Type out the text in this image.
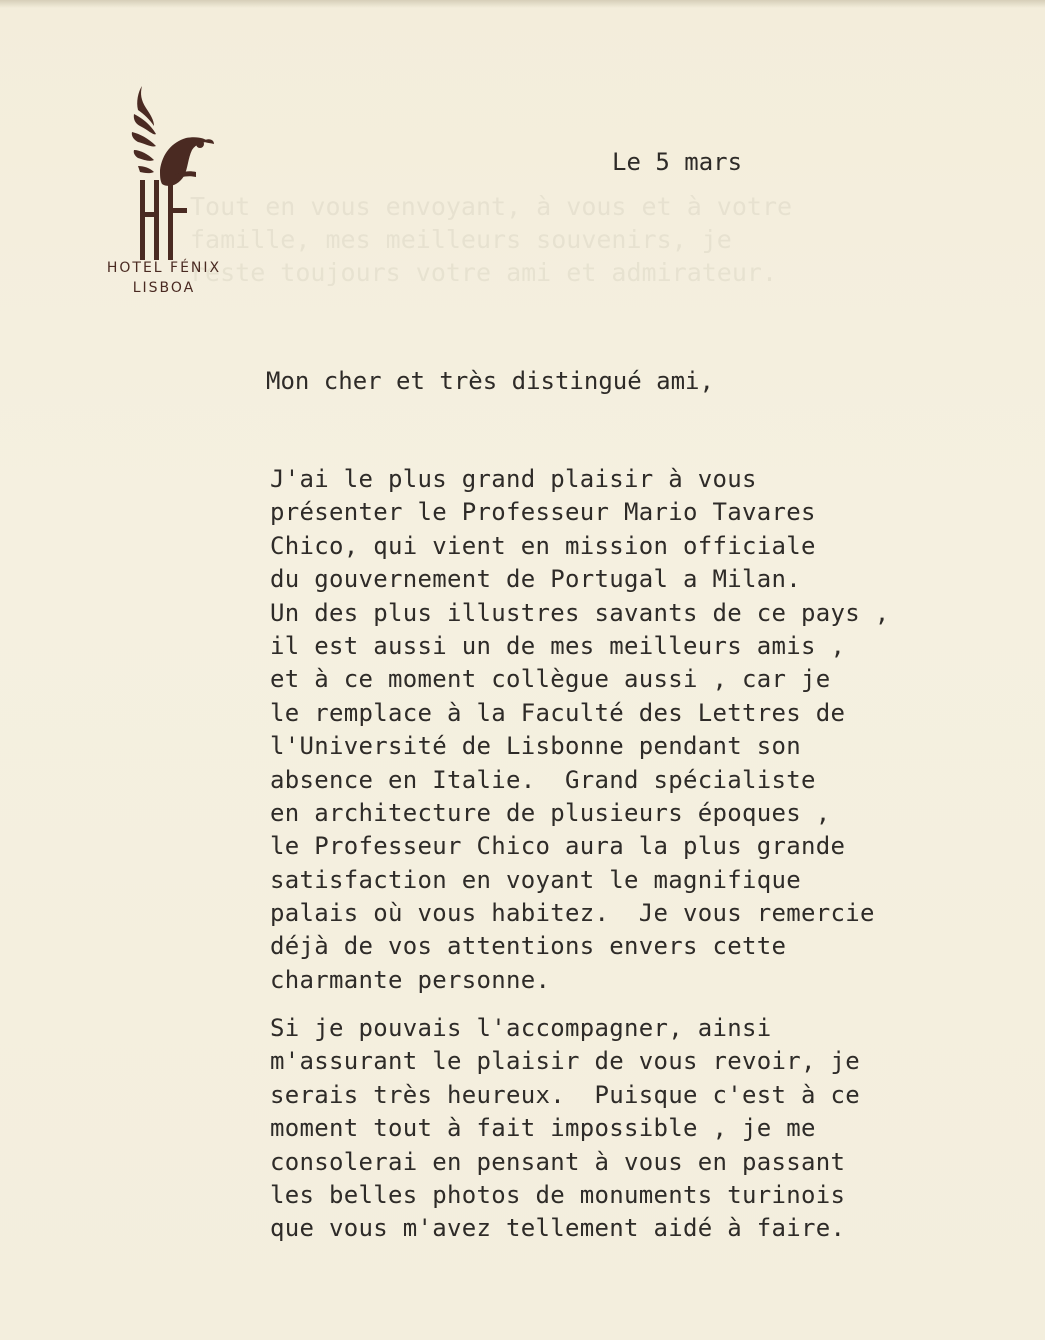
Tout en vous envoyant, à vous et à votre
famille, mes meilleurs souvenirs, je
reste toujours votre ami et admirateur.
HOTEL FÉNIX
LISBOA
Le 5 mars
Mon cher et très distingué ami,
J'ai le plus grand plaisir à vous
présenter le Professeur Mario Tavares
Chico, qui vient en mission officiale
du gouvernement de Portugal a Milan.
Un des plus illustres savants de ce pays ,
il est aussi un de mes meilleurs amis ,
et à ce moment collègue aussi , car je
le remplace à la Faculté des Lettres de
l'Université de Lisbonne pendant son
absence en Italie.  Grand spécialiste
en architecture de plusieurs époques ,
le Professeur Chico aura la plus grande
satisfaction en voyant le magnifique
palais où vous habitez.  Je vous remercie
déjà de vos attentions envers cette
charmante personne.
Si je pouvais l'accompagner, ainsi
m'assurant le plaisir de vous revoir, je
serais très heureux.  Puisque c'est à ce
moment tout à fait impossible , je me
consolerai en pensant à vous en passant
les belles photos de monuments turinois
que vous m'avez tellement aidé à faire.
